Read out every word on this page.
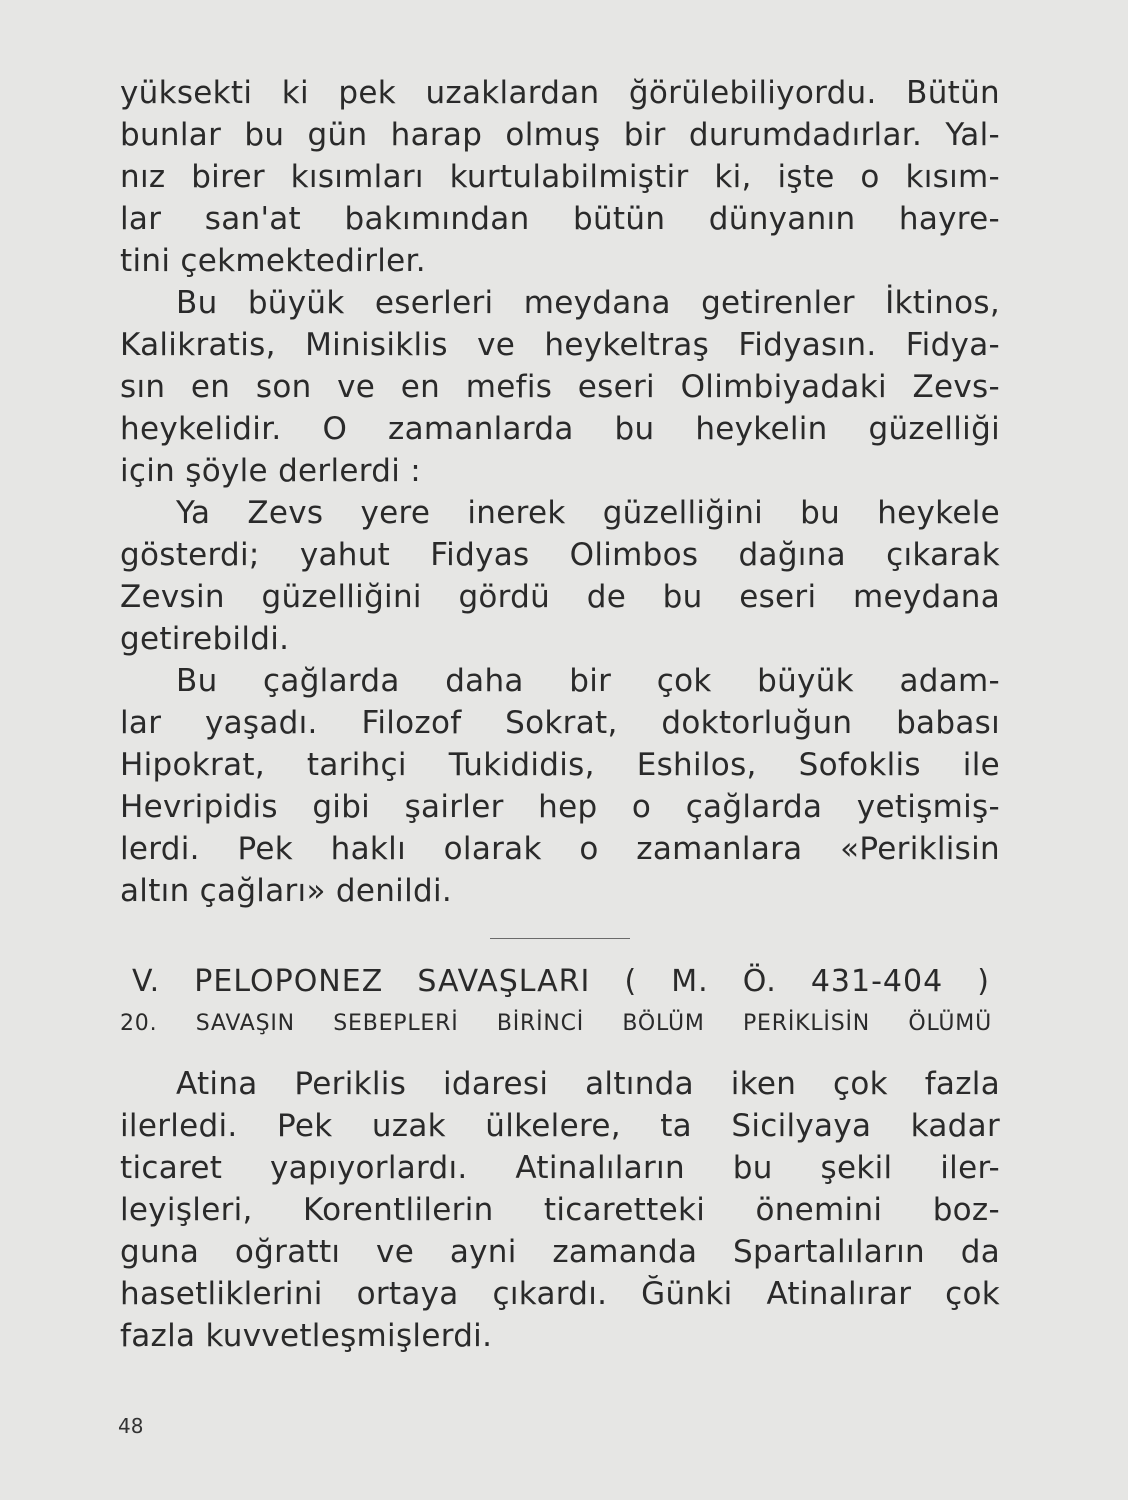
yüksekti ki pek uzaklardan ğörülebiliyordu. Bütün
bunlar bu gün harap olmuş bir durumdadırlar. Yal-
nız birer kısımları kurtulabilmiştir ki, işte o kısım-
lar san'at bakımından bütün dünyanın hayre-
tini çekmektedirler.
Bu büyük eserleri meydana getirenler İktinos,
Kalikratis, Minisiklis ve heykeltraş Fidyasın. Fidya-
sın en son ve en mefis eseri Olimbiyadaki Zevs-
heykelidir. O zamanlarda bu heykelin güzelliği
için şöyle derlerdi :
Ya Zevs yere inerek güzelliğini bu heykele
gösterdi; yahut Fidyas Olimbos dağına çıkarak
Zevsin güzelliğini gördü de bu eseri meydana
getirebildi.
Bu çağlarda daha bir çok büyük adam-
lar yaşadı. Filozof Sokrat, doktorluğun babası
Hipokrat, tarihçi Tukididis, Eshilos, Sofoklis ile
Hevripidis gibi şairler hep o çağlarda yetişmiş-
lerdi. Pek haklı olarak o zamanlara «Periklisin
altın çağları» denildi.
V. PELOPONEZ SAVAŞLARI ( M. Ö. 431-404 )
20. SAVAŞIN SEBEPLERİ BİRİNCİ BÖLÜM PERİKLİSİN ÖLÜMÜ
Atina Periklis idaresi altında iken çok fazla
ilerledi. Pek uzak ülkelere, ta Sicilyaya kadar
ticaret yapıyorlardı. Atinalıların bu şekil iler-
leyişleri, Korentlilerin ticaretteki önemini boz-
guna oğrattı ve ayni zamanda Spartalıların da
hasetliklerini ortaya çıkardı. Ğünki Atinalırar çok
fazla kuvvetleşmişlerdi.
48
